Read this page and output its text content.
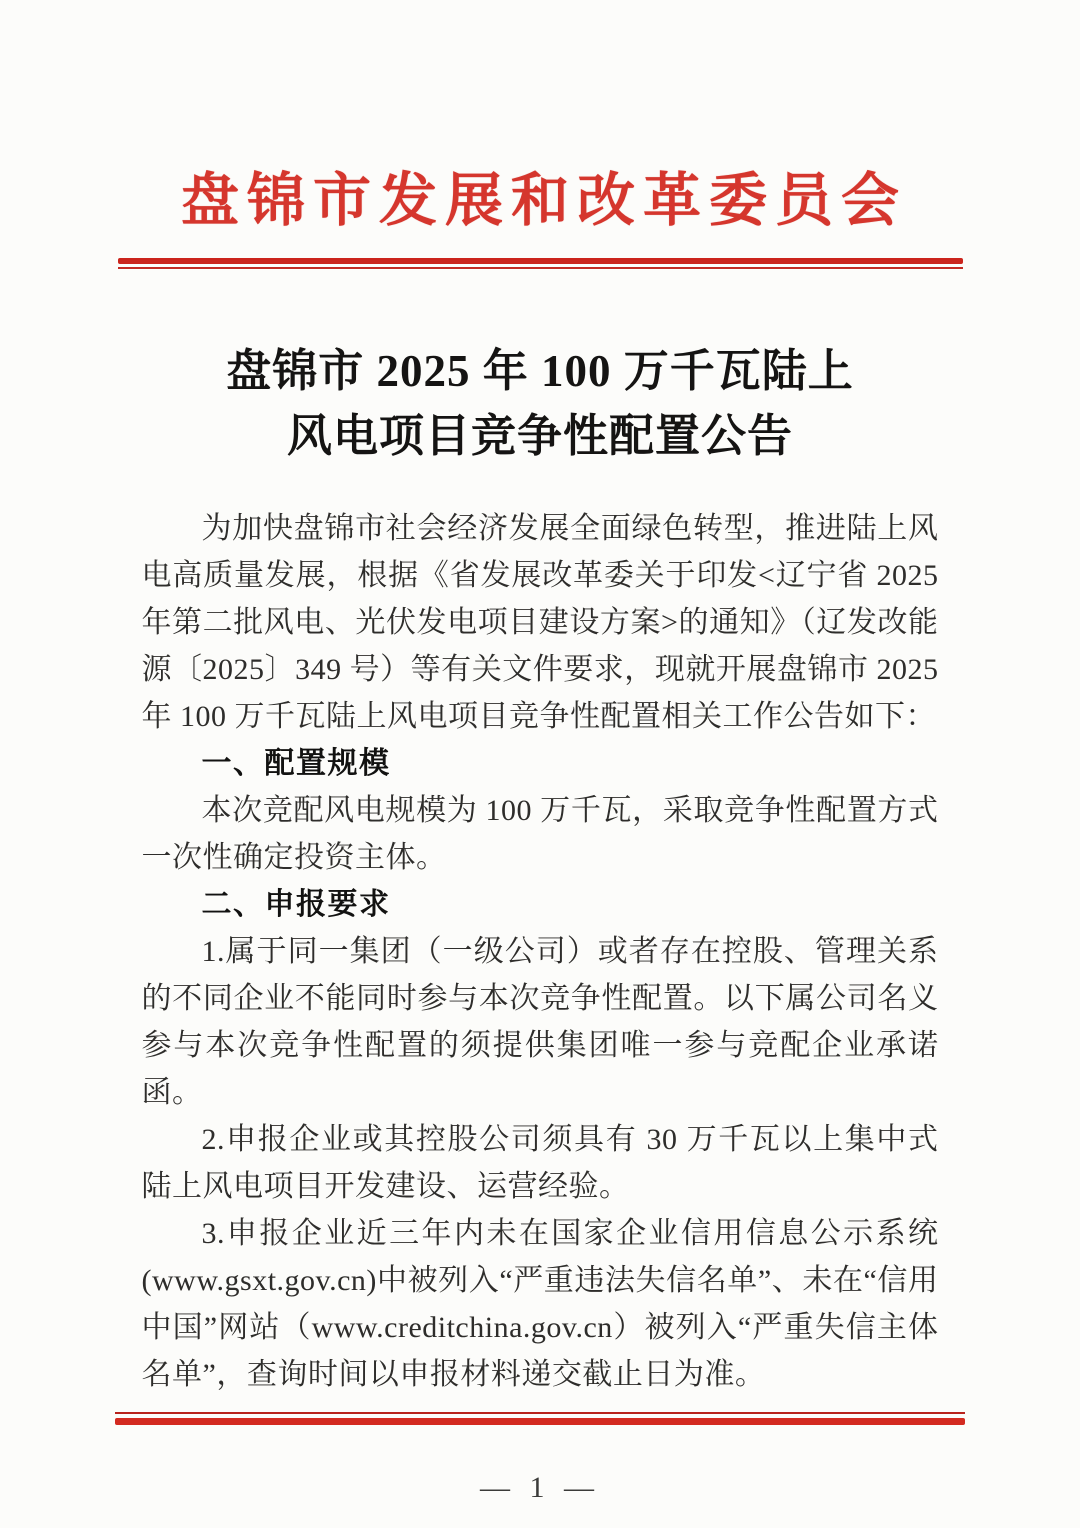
盘锦市发展和改革委员会
盘锦市 2025 年 100 万千瓦陆上
风电项目竞争性配置公告

为加快盘锦市社会经济发展全面绿色转型，推进陆上风电高质量发展，根据《省发展改革委关于印发<辽宁省 2025 年第二批风电、光伏发电项目建设方案>的通知》（辽发改能源〔2025〕349 号）等有关文件要求，现就开展盘锦市 2025 年 100 万千瓦陆上风电项目竞争性配置相关工作公告如下：

一、配置规模

本次竞配风电规模为 100 万千瓦，采取竞争性配置方式一次性确定投资主体。

二、申报要求

1.属于同一集团（一级公司）或者存在控股、管理关系的不同企业不能同时参与本次竞争性配置。以下属公司名义参与本次竞争性配置的须提供集团唯一参与竞配企业承诺函。

2.申报企业或其控股公司须具有 30 万千瓦以上集中式陆上风电项目开发建设、运营经验。

3.申报企业近三年内未在国家企业信用信息公示系统(www.gsxt.gov.cn)中被列入“严重违法失信名单”、未在“信用中国”网站（www.creditchina.gov.cn）被列入“严重失信主体名单”，查询时间以申报材料递交截止日为准。

— 1 —
